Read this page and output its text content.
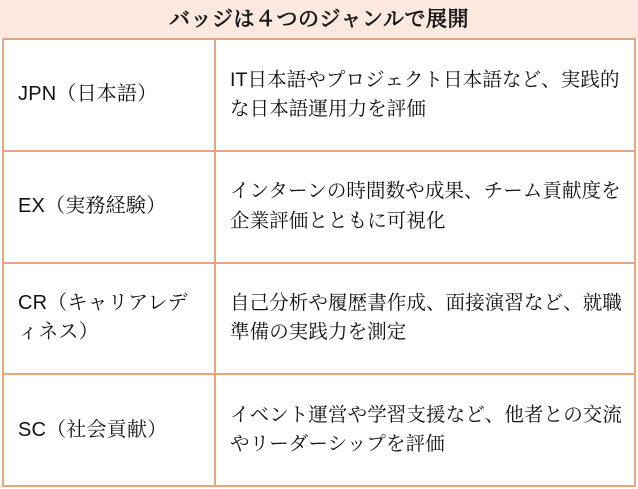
バッジは４つのジャンルで展開
JPN（日本語）
IT日本語やプロジェクト日本語など、実践的な日本語運用力を評価
EX（実務経験）
インターンの時間数や成果、チーム貢献度を企業評価とともに可視化
CR（キャリアレディネス）
自己分析や履歴書作成、面接演習など、就職準備の実践力を測定
SC（社会貢献）
イベント運営や学習支援など、他者との交流やリーダーシップを評価
